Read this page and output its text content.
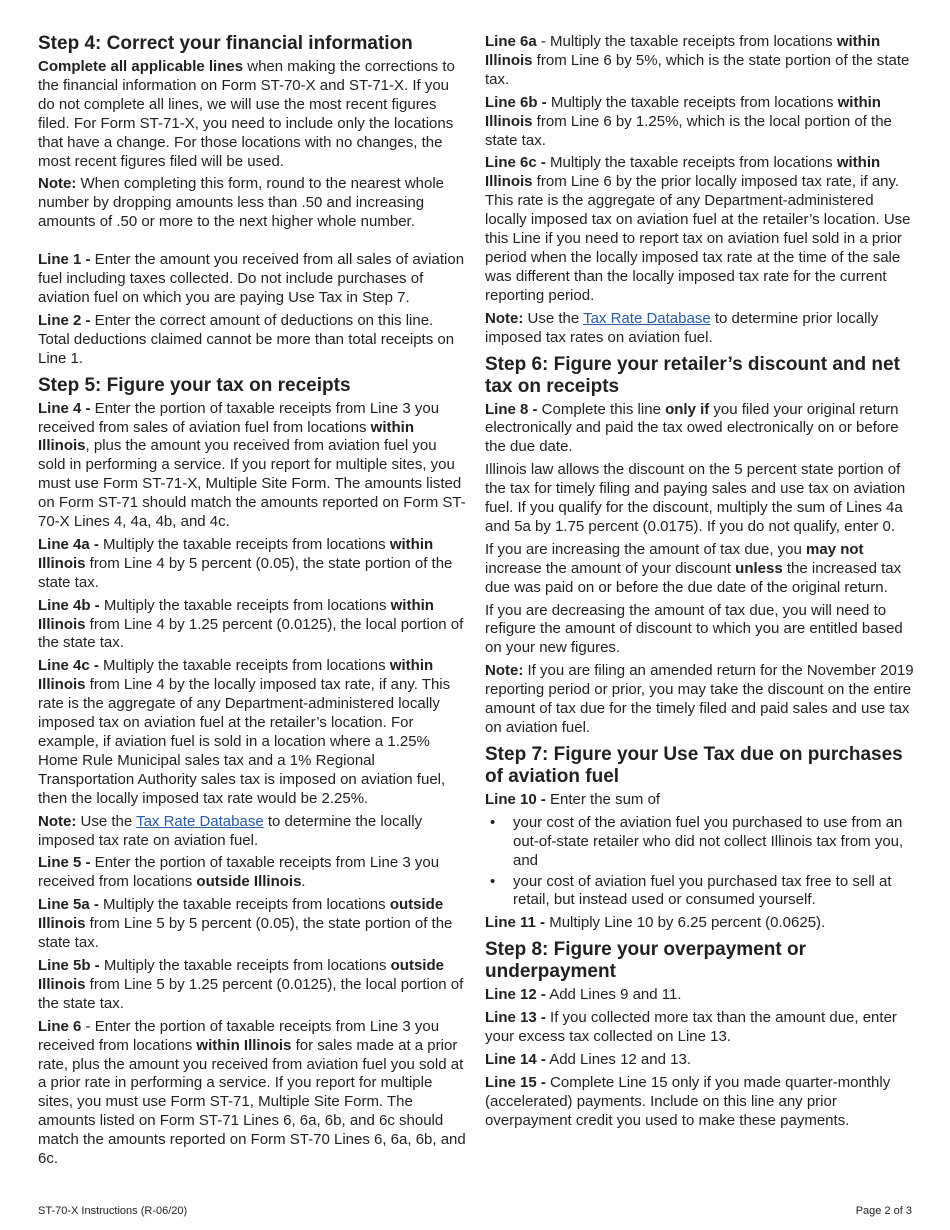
Step 4: Correct your financial information

Complete all applicable lines when making the corrections to the financial information on Form ST-70-X and ST-71-X. If you do not complete all lines, we will use the most recent figures filed. For Form ST-71-X, you need to include only the locations that have a change. For those locations with no changes, the most recent figures filed will be used.

Note: When completing this form, round to the nearest whole number by dropping amounts less than .50 and increasing amounts of .50 or more to the next higher whole number.

Line 1 - Enter the amount you received from all sales of aviation fuel including taxes collected. Do not include purchases of aviation fuel on which you are paying Use Tax in Step 7.

Line 2 - Enter the correct amount of deductions on this line. Total deductions claimed cannot be more than total receipts on Line 1.

Step 5: Figure your tax on receipts

Line 4 - Enter the portion of taxable receipts from Line 3 you received from sales of aviation fuel from locations within Illinois, plus the amount you received from aviation fuel you sold in performing a service. If you report for multiple sites, you must use Form ST-71-X, Multiple Site Form. The amounts listed on Form ST-71 should match the amounts reported on Form ST-70-X Lines 4, 4a, 4b, and 4c.

Line 4a - Multiply the taxable receipts from locations within Illinois from Line 4 by 5 percent (0.05), the state portion of the state tax.

Line 4b - Multiply the taxable receipts from locations within Illinois from Line 4 by 1.25 percent (0.0125), the local portion of the state tax.

Line 4c - Multiply the taxable receipts from locations within Illinois from Line 4 by the locally imposed tax rate, if any. This rate is the aggregate of any Department-administered locally imposed tax on aviation fuel at the retailer’s location. For example, if aviation fuel is sold in a location where a 1.25% Home Rule Municipal sales tax and a 1% Regional Transportation Authority sales tax is imposed on aviation fuel, then the locally imposed tax rate would be 2.25%.

Note: Use the Tax Rate Database to determine the locally imposed tax rate on aviation fuel.

Line 5 - Enter the portion of taxable receipts from Line 3 you received from locations outside Illinois.

Line 5a - Multiply the taxable receipts from locations outside Illinois from Line 5 by 5 percent (0.05), the state portion of the state tax.

Line 5b - Multiply the taxable receipts from locations outside Illinois from Line 5 by 1.25 percent (0.0125), the local portion of the state tax.

Line 6 - Enter the portion of taxable receipts from Line 3 you received from locations within Illinois for sales made at a prior rate, plus the amount you received from aviation fuel you sold at a prior rate in performing a service. If you report for multiple sites, you must use Form ST-71, Multiple Site Form. The amounts listed on Form ST-71 Lines 6, 6a, 6b, and 6c should match the amounts reported on Form ST-70 Lines 6, 6a, 6b, and 6c.

Line 6a - Multiply the taxable receipts from locations within Illinois from Line 6 by 5%, which is the state portion of the state tax.

Line 6b - Multiply the taxable receipts from locations within Illinois from Line 6 by 1.25%, which is the local portion of the state tax.

Line 6c - Multiply the taxable receipts from locations within Illinois from Line 6 by the prior locally imposed tax rate, if any. This rate is the aggregate of any Department-administered locally imposed tax on aviation fuel at the retailer’s location. Use this Line if you need to report tax on aviation fuel sold in a prior period when the locally imposed tax rate at the time of the sale was different than the locally imposed tax rate for the current reporting period.

Note: Use the Tax Rate Database to determine prior locally imposed tax rates on aviation fuel.

Step 6: Figure your retailer’s discount and net tax on receipts

Line 8 - Complete this line only if you filed your original return electronically and paid the tax owed electronically on or before the due date.

Illinois law allows the discount on the 5 percent state portion of the tax for timely filing and paying sales and use tax on aviation fuel. If you qualify for the discount, multiply the sum of Lines 4a and 5a by 1.75 percent (0.0175). If you do not qualify, enter 0.

If you are increasing the amount of tax due, you may not increase the amount of your discount unless the increased tax due was paid on or before the due date of the original return.

If you are decreasing the amount of tax due, you will need to refigure the amount of discount to which you are entitled based on your new figures.

Note: If you are filing an amended return for the November 2019 reporting period or prior, you may take the discount on the entire amount of tax due for the timely filed and paid sales and use tax on aviation fuel.

Step 7: Figure your Use Tax due on purchases of aviation fuel

Line 10 - Enter the sum of

• your cost of the aviation fuel you purchased to use from an out-of-state retailer who did not collect Illinois tax from you, and
• your cost of aviation fuel you purchased tax free to sell at retail, but instead used or consumed yourself.

Line 11 - Multiply Line 10 by 6.25 percent (0.0625).

Step 8: Figure your overpayment or underpayment

Line 12 - Add Lines 9 and 11.

Line 13 - If you collected more tax than the amount due, enter your excess tax collected on Line 13.

Line 14 - Add Lines 12 and 13.

Line 15 - Complete Line 15 only if you made quarter-monthly (accelerated) payments. Include on this line any prior overpayment credit you used to make these payments.

ST-70-X Instructions (R-06/20)	Page 2 of 3
